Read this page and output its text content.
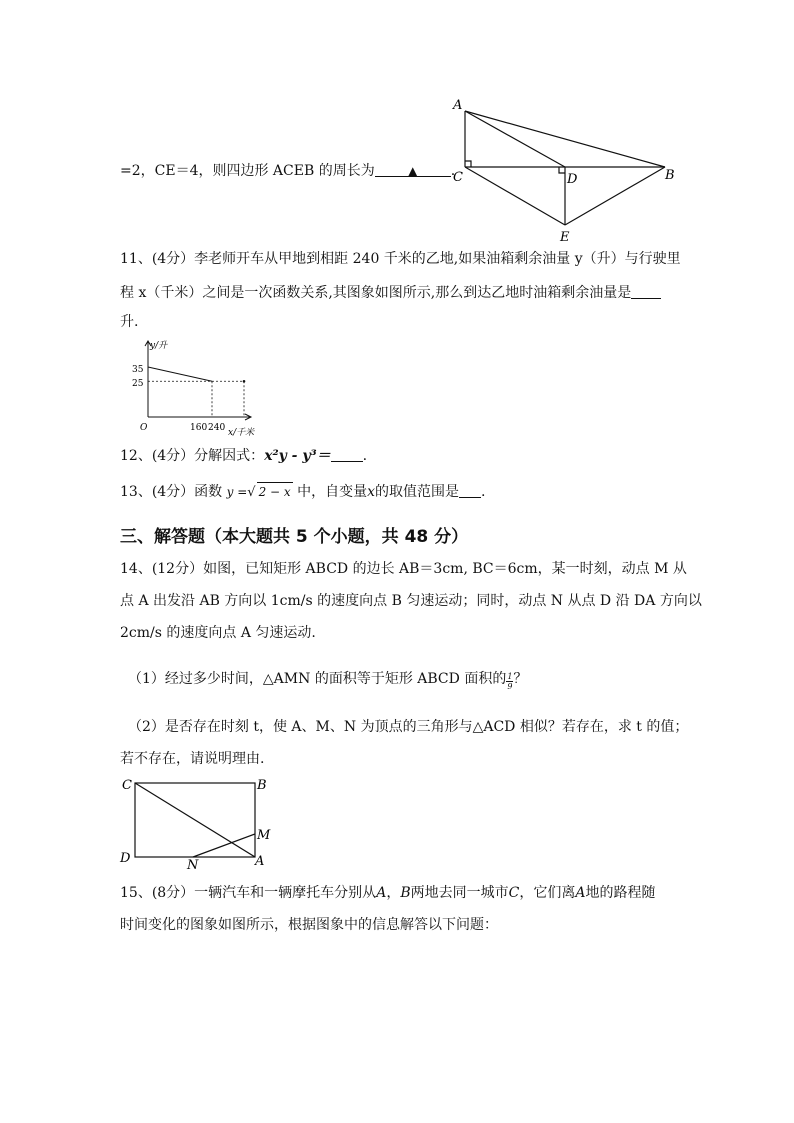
=2，CE＝4，则四边形 ACEB 的周长为	▲	.
A
C	D	B
E
11、(4分）李老师开车从甲地到相距 240 千米的乙地,如果油箱剩余油量 y（升）与行驶里
程 x（千米）之间是一次函数关系,其图象如图所示,那么到达乙地时油箱剩余油量是
升.
y/升
x/千米
O
35
25
160 240
12、(4分）分解因式：x²y - y³＝ .
13、(4分）函数 y =√ 2 − x 中，自变量x的取值范围是 .
三、解答题（本大题共 5 个小题，共 48 分）
14、(12分）如图，已知矩形 ABCD 的边长 AB＝3cm, BC＝6cm，某一时刻，动点 M 从
点 A 出发沿 AB 方向以 1cm/s 的速度向点 B 匀速运动；同时，动点 N 从点 D 沿 DA 方向以
2cm/s 的速度向点 A 匀速运动.
（1）经过多少时间，△AMN 的面积等于矩形 ABCD 面积的 $\frac{1}{9}$ ？
（2）是否存在时刻 t，使 A、M、N 为顶点的三角形与△ACD 相似？若存在，求 t 的值；
若不存在，请说明理由.
C	B
M
D	A
N
15、(8分）一辆汽车和一辆摩托车分别从A，B两地去同一城市C，它们离A地的路程随
时间变化的图象如图所示，根据图象中的信息解答以下问题：
